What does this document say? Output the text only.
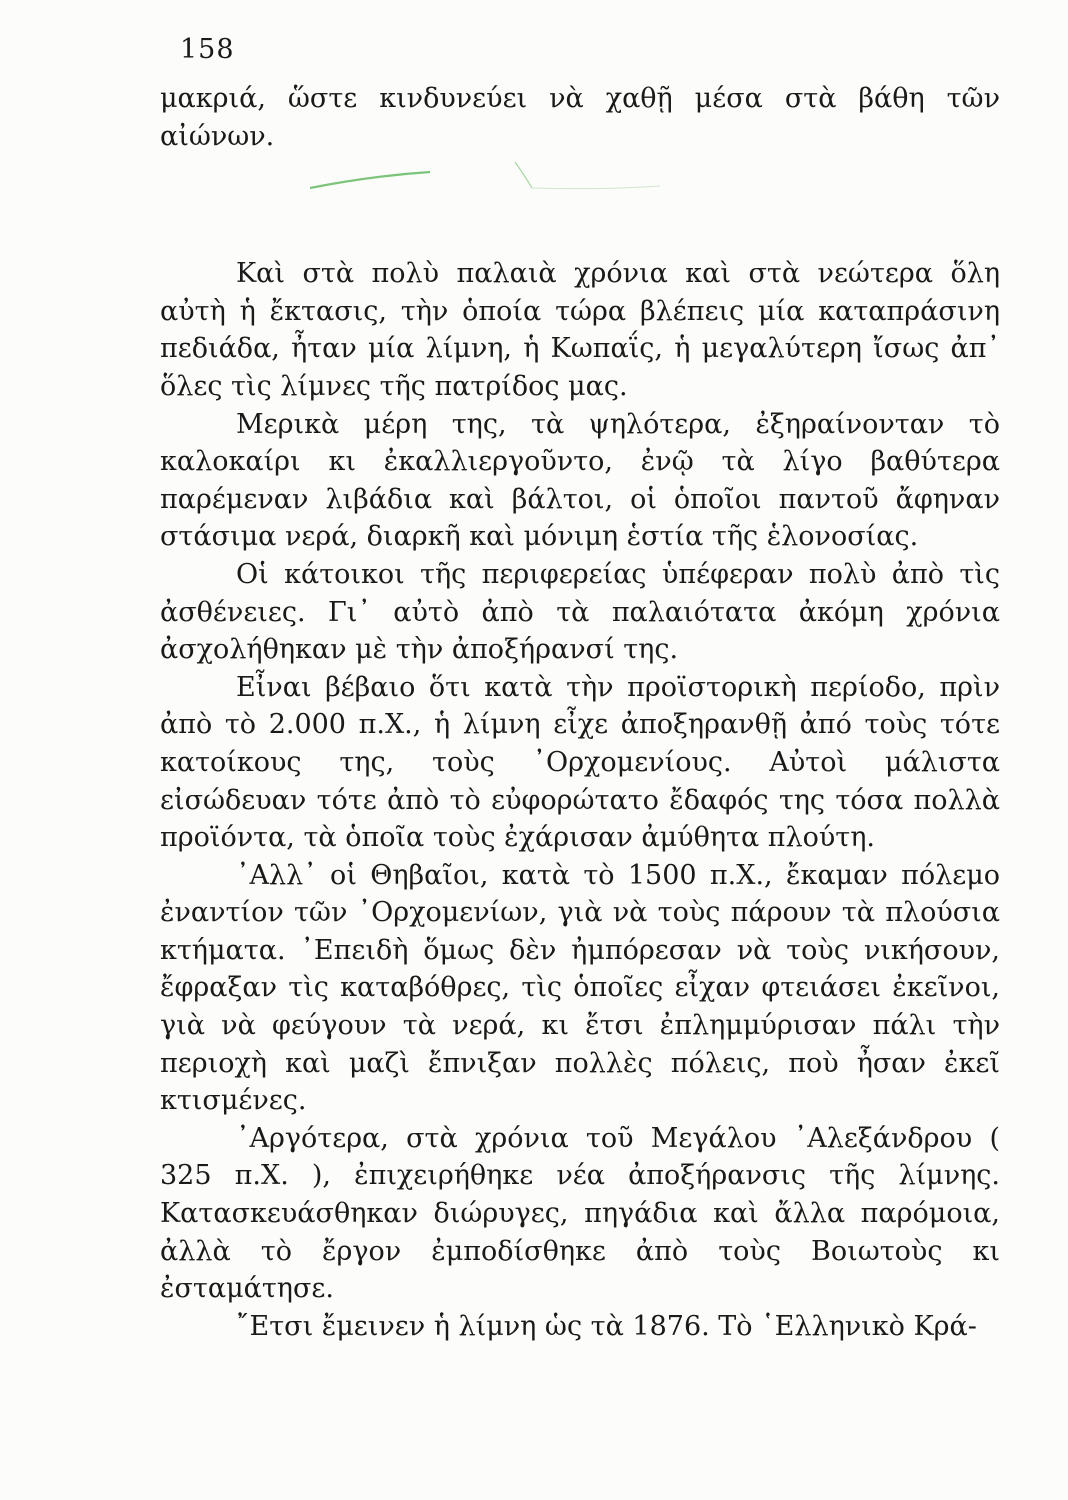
158

μακριά, ὥστε κινδυνεύει νὰ χαθῇ μέσα στὰ βάθη τῶν αἰώνων.

Καὶ στὰ πολὺ παλαιὰ χρόνια καὶ στὰ νεώτερα ὅλη αὐτὴ ἡ ἔκτασις, τὴν ὁποία τώρα βλέπεις μία καταπράσινη πεδιάδα, ἦταν μία λίμνη, ἡ Κωπαΐς, ἡ μεγαλύτερη ἴσως ἀπ᾽ ὅλες τὶς λίμνες τῆς πατρίδος μας.

Μερικὰ μέρη της, τὰ ψηλότερα, ἐξηραίνονταν τὸ καλοκαίρι κι ἐκαλλιεργοῦντο, ἐνῷ τὰ λίγο βαθύτερα παρέμεναν λιβάδια καὶ βάλτοι, οἱ ὁποῖοι παντοῦ ἄφηναν στάσιμα νερά, διαρκῆ καὶ μόνιμη ἑστία τῆς ἑλονοσίας.

Οἱ κάτοικοι τῆς περιφερείας ὑπέφεραν πολὺ ἀπὸ τὶς ἀσθένειες. Γι᾽ αὐτὸ ἀπὸ τὰ παλαιότατα ἀκόμη χρόνια ἀσχολήθηκαν μὲ τὴν ἀποξήρανσί της.

Εἶναι βέβαιο ὅτι κατὰ τὴν προϊστορικὴ περίοδο, πρὶν ἀπὸ τὸ 2.000 π.Χ., ἡ λίμνη εἶχε ἀποξηρανθῇ ἀπό τοὺς τότε κατοίκους της, τοὺς ᾿Ορχομενίους. Αὐτοὶ μάλιστα εἰσώδευαν τότε ἀπὸ τὸ εὐφορώτατο ἔδαφός της τόσα πολλὰ προϊόντα, τὰ ὁποῖα τοὺς ἐχάρισαν ἀμύθητα πλούτη.

᾿Αλλ᾽ οἱ Θηβαῖοι, κατὰ τὸ 1500 π.Χ., ἔκαμαν πόλεμο ἐναντίον τῶν ᾿Ορχομενίων, γιὰ νὰ τοὺς πάρουν τὰ πλούσια κτήματα. ᾿Επειδὴ ὅμως δὲν ἠμπόρεσαν νὰ τοὺς νικήσουν, ἔφραξαν τὶς καταβόθρες, τὶς ὁποῖες εἶχαν φτειάσει ἐκεῖνοι, γιὰ νὰ φεύγουν τὰ νερά, κι ἔτσι ἐπλημμύρισαν πάλι τὴν περιοχὴ καὶ μαζὶ ἔπνιξαν πολλὲς πόλεις, ποὺ ἦσαν ἐκεῖ κτισμένες.

᾿Αργότερα, στὰ χρόνια τοῦ Μεγάλου ᾿Αλεξάνδρου ( 325 π.Χ. ), ἐπιχειρήθηκε νέα ἀποξήρανσις τῆς λίμνης. Κατασκευάσθηκαν διώρυγες, πηγάδια καὶ ἄλλα παρόμοια, ἀλλὰ τὸ ἔργον ἐμποδίσθηκε ἀπὸ τοὺς Βοιωτοὺς κι ἐσταμάτησε.

῎Ετσι ἔμεινεν ἡ λίμνη ὡς τὰ 1876. Τὸ ῾Ελληνικὸ Κρά-
